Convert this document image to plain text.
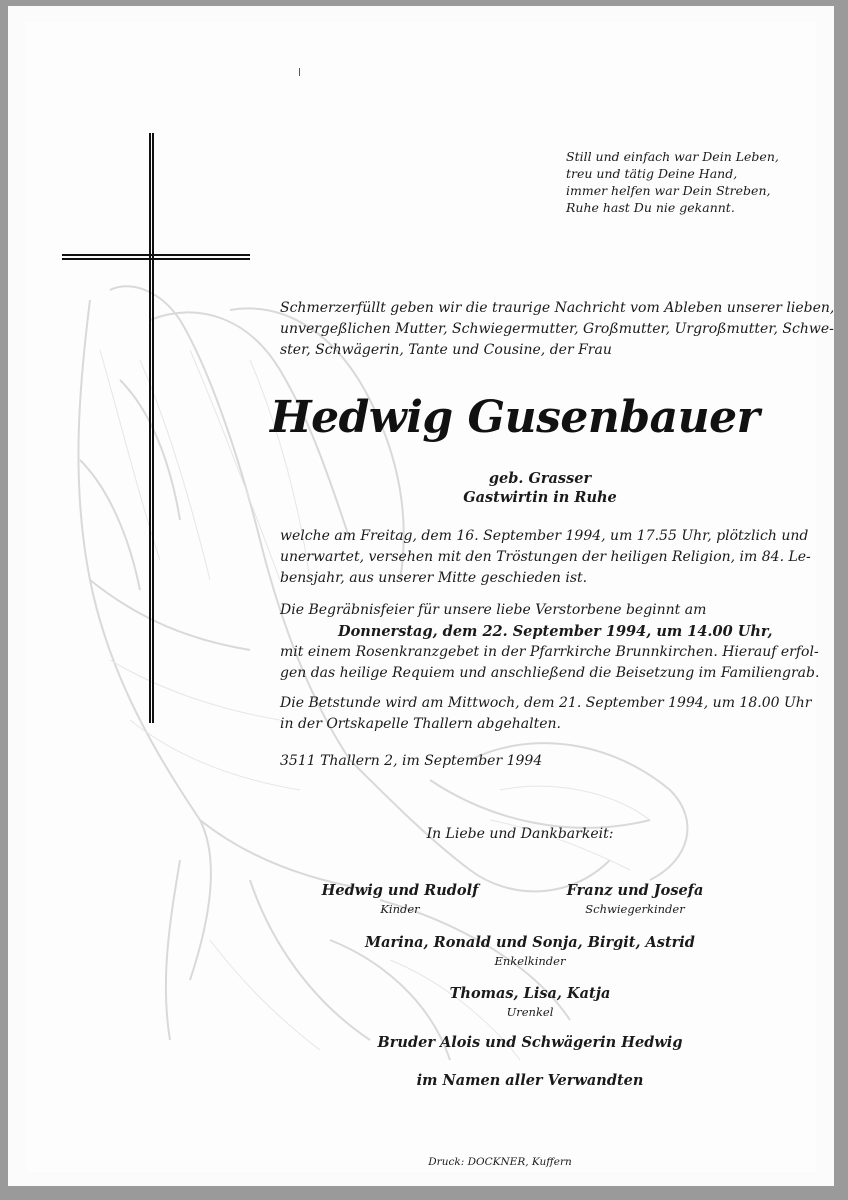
Still und einfach war Dein Leben,
treu und tätig Deine Hand,
immer helfen war Dein Streben,
Ruhe hast Du nie gekannt.
Schmerzerfüllt geben wir die traurige Nachricht vom Ableben unserer lieben,
unvergeßlichen Mutter, Schwiegermutter, Großmutter, Urgroßmutter, Schwe-
ster, Schwägerin, Tante und Cousine, der Frau
Hedwig Gusenbauer
geb. Grasser
Gastwirtin in Ruhe
welche am Freitag, dem 16. September 1994, um 17.55 Uhr, plötzlich und
unerwartet, versehen mit den Tröstungen der heiligen Religion, im 84. Le-
bensjahr, aus unserer Mitte geschieden ist.
Die Begräbnisfeier für unsere liebe Verstorbene beginnt am
Donnerstag, dem 22. September 1994, um 14.00 Uhr,
mit einem Rosenkranzgebet in der Pfarrkirche Brunnkirchen. Hierauf erfol-
gen das heilige Requiem und anschließend die Beisetzung im Familiengrab.
Die Betstunde wird am Mittwoch, dem 21. September 1994, um 18.00 Uhr
in der Ortskapelle Thallern abgehalten.
3511 Thallern 2, im September 1994
In Liebe und Dankbarkeit:
Hedwig und Rudolf
Kinder
Franz und Josefa
Schwiegerkinder
Marina, Ronald und Sonja, Birgit, Astrid
Enkelkinder
Thomas, Lisa, Katja
Urenkel
Bruder Alois und Schwägerin Hedwig
im Namen aller Verwandten
Druck: DOCKNER, Kuffern
